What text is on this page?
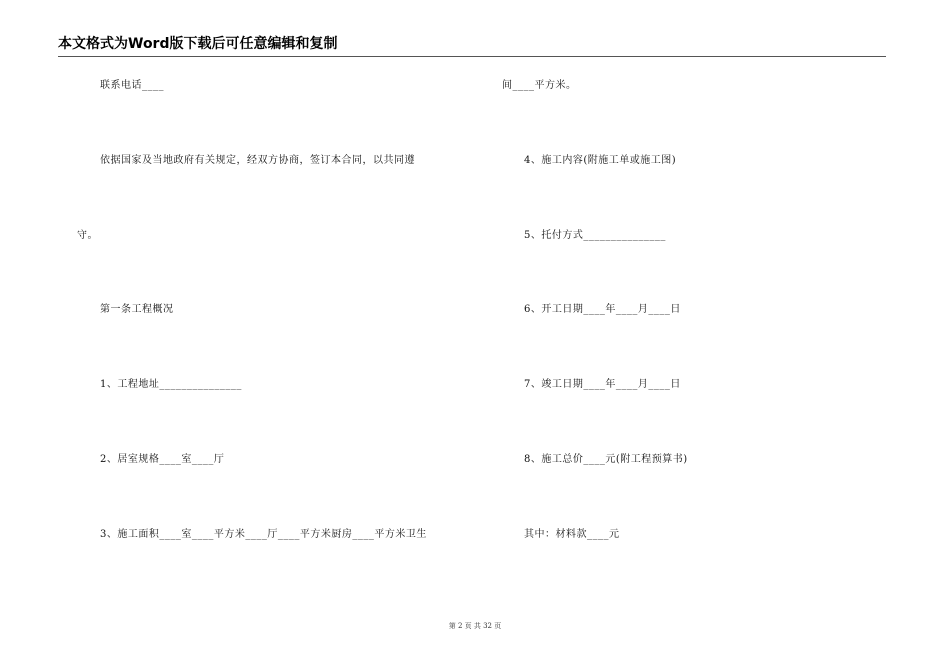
本文格式为Word版下载后可任意编辑和复制
联系电话____
依据国家及当地政府有关规定，经双方协商，签订本合同，以共同遵
守。
第一条工程概况
1、工程地址_______________
2、居室规格____室____厅
3、施工面积____室____平方米____厅____平方米厨房____平方米卫生
间____平方米。
4、施工内容(附施工单或施工图)
5、托付方式_______________
6、开工日期____年____月____日
7、竣工日期____年____月____日
8、施工总价____元(附工程预算书)
其中：材料款____元
第 2 页 共 32 页
